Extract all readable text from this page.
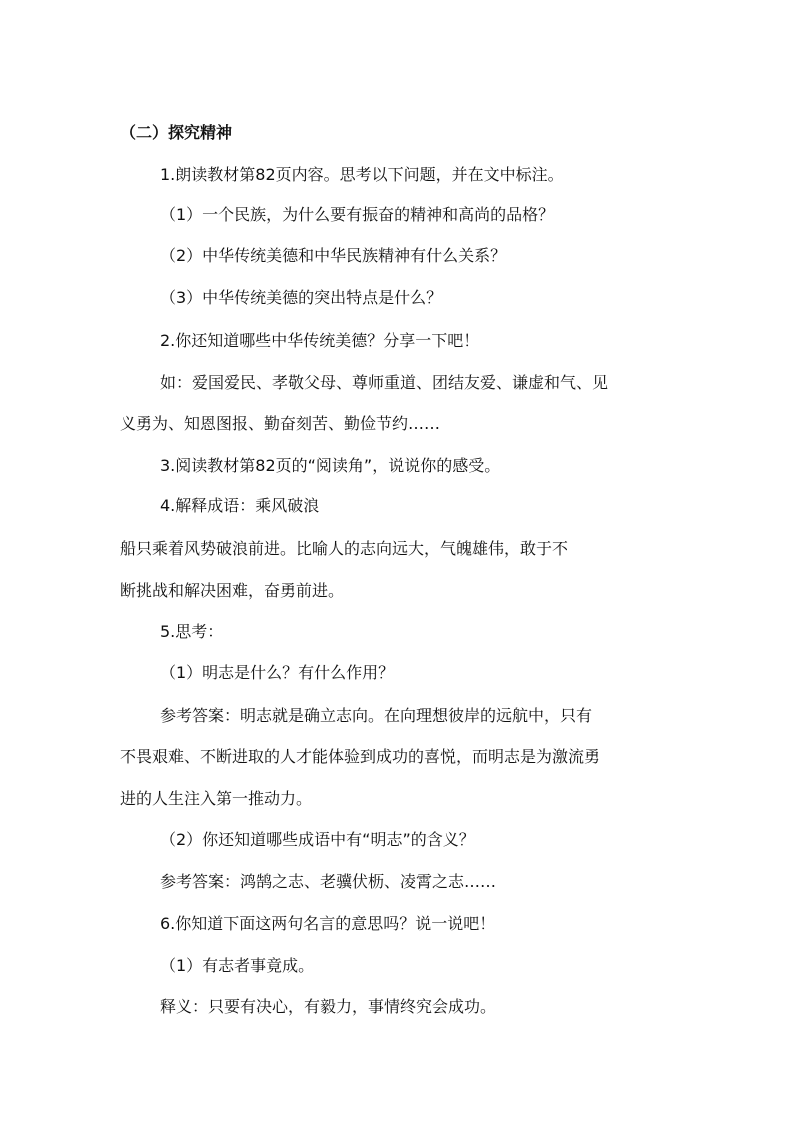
（二）探究精神
1.朗读教材第82页内容。思考以下问题，并在文中标注。
（1）一个民族，为什么要有振奋的精神和高尚的品格？
（2）中华传统美德和中华民族精神有什么关系？
（3）中华传统美德的突出特点是什么？
2.你还知道哪些中华传统美德？分享一下吧！
如：爱国爱民、孝敬父母、尊师重道、团结友爱、谦虚和气、见
义勇为、知恩图报、勤奋刻苦、勤俭节约……
3.阅读教材第82页的“阅读角”，说说你的感受。
4.解释成语：乘风破浪
船只乘着风势破浪前进。比喻人的志向远大，气魄雄伟，敢于不
断挑战和解决困难，奋勇前进。
5.思考：
（1）明志是什么？有什么作用？
参考答案：明志就是确立志向。在向理想彼岸的远航中，只有
不畏艰难、不断进取的人才能体验到成功的喜悦，而明志是为激流勇
进的人生注入第一推动力。
（2）你还知道哪些成语中有“明志”的含义？
参考答案：鸿鹄之志、老骥伏枥、凌霄之志……
6.你知道下面这两句名言的意思吗？说一说吧！
（1）有志者事竟成。
释义：只要有决心，有毅力，事情终究会成功。
